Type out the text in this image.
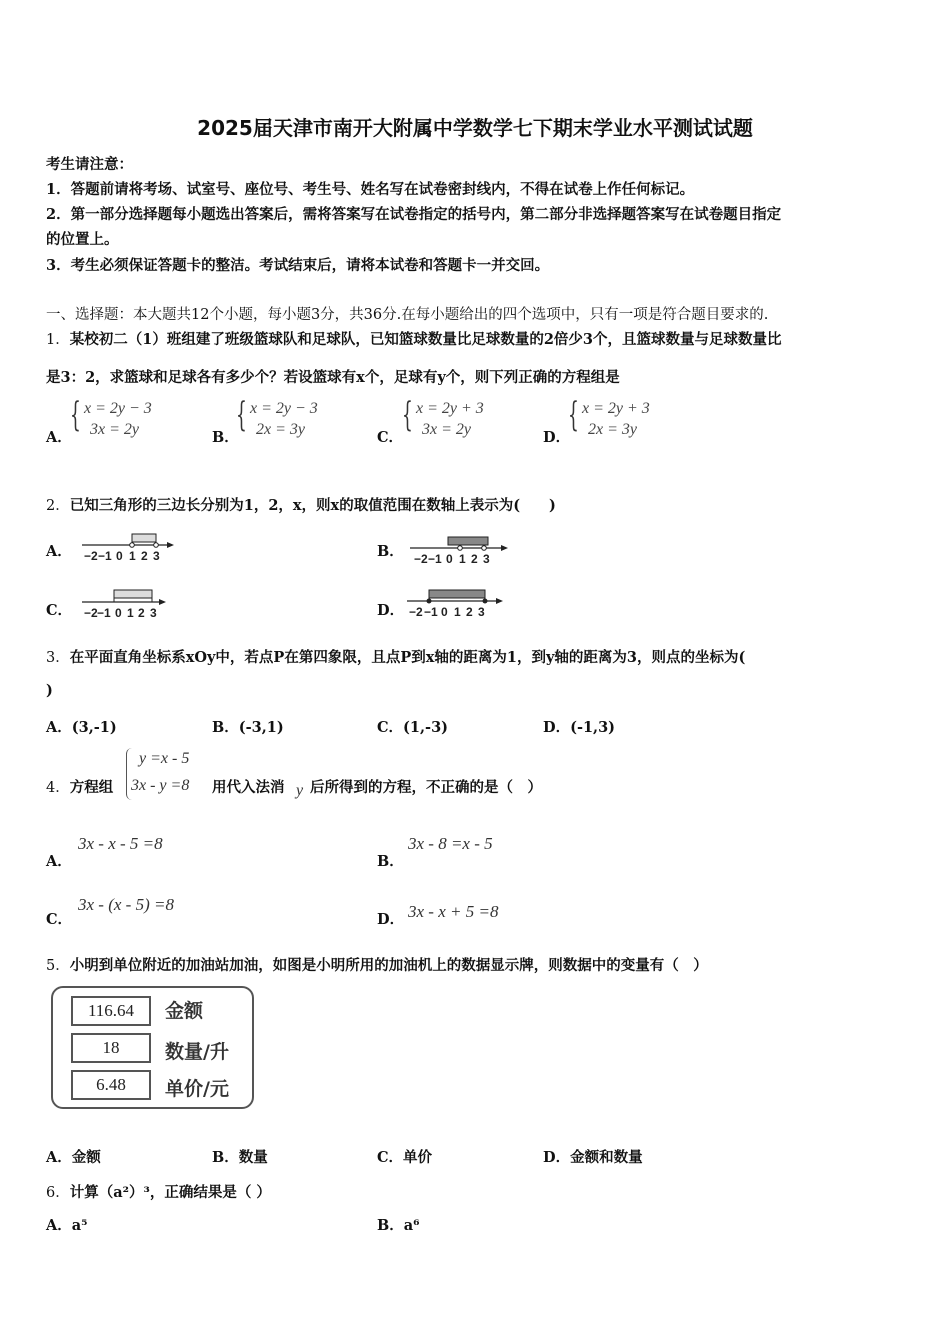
2025届天津市南开大附属中学数学七下期末学业水平测试试题
考生请注意：
1．答题前请将考场、试室号、座位号、考生号、姓名写在试卷密封线内，不得在试卷上作任何标记。
2．第一部分选择题每小题选出答案后，需将答案写在试卷指定的括号内，第二部分非选择题答案写在试卷题目指定
的位置上。
3．考生必须保证答题卡的整洁。考试结束后，请将本试卷和答题卡一并交回。
一、选择题：本大题共12个小题，每小题3分，共36分.在每小题给出的四个选项中，只有一项是符合题目要求的.
1．某校初二（1）班组建了班级篮球队和足球队，已知篮球数量比足球数量的2倍少3个，且篮球数量与足球数量比
是3：2，求篮球和足球各有多少个？若设篮球有x个，足球有y个，则下列正确的方程组是
A．
{ x = 2y − 3
3x = 2y	B．
{ x = 2y − 3
2x = 3y	C．
{ x = 2y + 3
3x = 2y	D．
{ x = 2y + 3
2x = 3y
2．已知三角形的三边长分别为1，2，x，则x的取值范围在数轴上表示为(　　)
A． −2 −1 0 1 2 3	B． −2 −1 0 1 2 3
C． −2 −1 0 1 2 3	D． −2 −1 0 1 2 3
3．在平面直角坐标系xOy中，若点P在第四象限，且点P到x轴的距离为1，到y轴的距离为3，则点的坐标为(
)
A．(3,-1)	B．(-3,1)	C．(1,-3)	D．(-1,3)
4．方程组
y =x - 5
3x - y =8 用代入法消 y 后所得到的方程，不正确的是（　）
A．
3x - x - 5 =8
B．
3x - 8 =x - 5
C．
3x - (x - 5) =8
D． 3x - x + 5 =8
5．小明到单位附近的加油站加油，如图是小明所用的加油机上的数据显示牌，则数据中的变量有（　）
116.64	金额
18	数量/升
6.48	单价/元
A．金额	B．数量	C．单价	D．金额和数量
6．计算（a²）³，正确结果是（ ）
A．a⁵	B．a⁶
